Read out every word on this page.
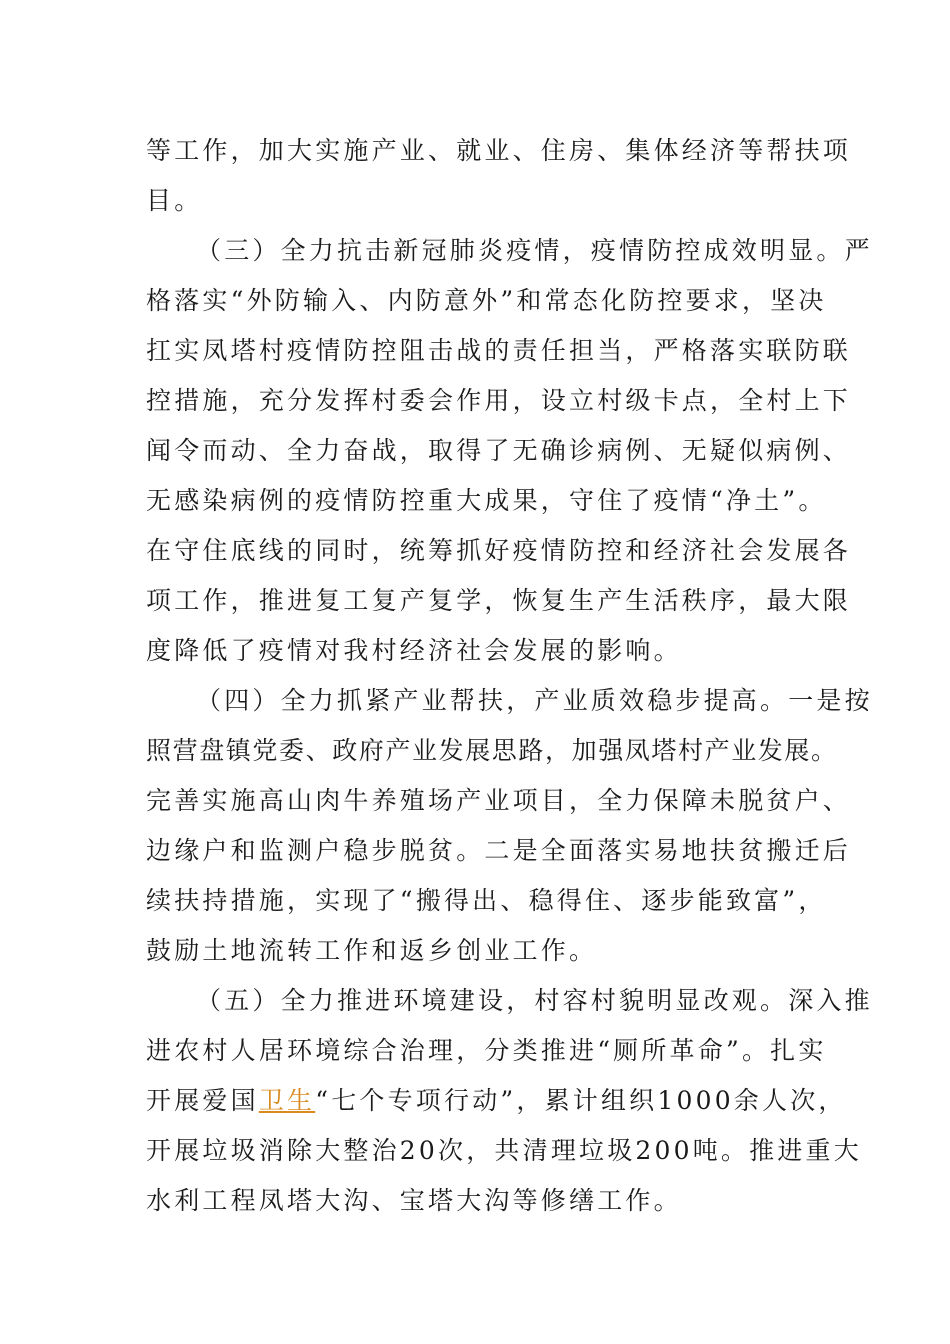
等工作，加大实施产业、就业、住房、集体经济等帮扶项
目。
（三）全力抗击新冠肺炎疫情，疫情防控成效明显。严
格落实“外防输入、内防意外”和常态化防控要求，坚决
扛实凤塔村疫情防控阻击战的责任担当，严格落实联防联
控措施，充分发挥村委会作用，设立村级卡点，全村上下
闻令而动、全力奋战，取得了无确诊病例、无疑似病例、
无感染病例的疫情防控重大成果，守住了疫情“净土”。
在守住底线的同时，统筹抓好疫情防控和经济社会发展各
项工作，推进复工复产复学，恢复生产生活秩序，最大限
度降低了疫情对我村经济社会发展的影响。
（四）全力抓紧产业帮扶，产业质效稳步提高。一是按
照营盘镇党委、政府产业发展思路，加强凤塔村产业发展。
完善实施高山肉牛养殖场产业项目，全力保障未脱贫户、
边缘户和监测户稳步脱贫。二是全面落实易地扶贫搬迁后
续扶持措施，实现了“搬得出、稳得住、逐步能致富”，
鼓励土地流转工作和返乡创业工作。
（五）全力推进环境建设，村容村貌明显改观。深入推
进农村人居环境综合治理，分类推进“厕所革命”。扎实
开展爱国卫生“七个专项行动”，累计组织1000余人次，
开展垃圾消除大整治20次，共清理垃圾200吨。推进重大
水利工程凤塔大沟、宝塔大沟等修缮工作。
